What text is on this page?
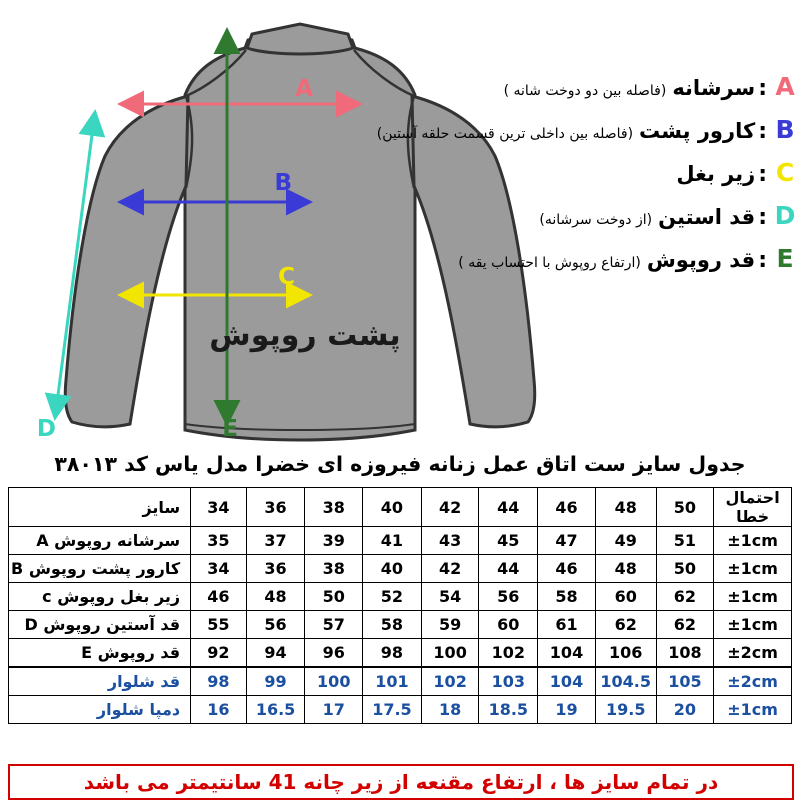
A
B
C
D	E
پشت روپوش
A
:
سرشانه
(فاصله بین دو دوخت شانه )
B
:
کارور پشت
(فاصله بین داخلی ترین قسمت حلقه آستین)
C
:
زیر بغل
D
:
قد استین
(از دوخت سرشانه)
E
:
قد روپوش
(ارتفاع روپوش با احتساب یقه )
جدول سایز ست اتاق عمل زنانه فیروزه ای خضرا مدل یاس کد ۳۸۰۱۳
احتمال خطا	50	48	46	44	42	40	38	36	34	سایز
±1cm	51	49	47	45	43	41	39	37	35	سرشانه روپوش A
±1cm	50	48	46	44	42	40	38	36	34	کارور پشت روپوش B
±1cm	62	60	58	56	54	52	50	48	46	زیر بغل روپوش c
±1cm	62	62	61	60	59	58	57	56	55	قد آستین روپوش D
±2cm	108	106	104	102	100	98	96	94	92	قد روپوش E
±2cm	105	104.5	104	103	102	101	100	99	98	قد شلوار
±1cm	20	19.5	19	18.5	18	17.5	17	16.5	16	دمپا شلوار
در تمام سایز ها ، ارتفاع مقنعه از زیر چانه 41 سانتیمتر می باشد
